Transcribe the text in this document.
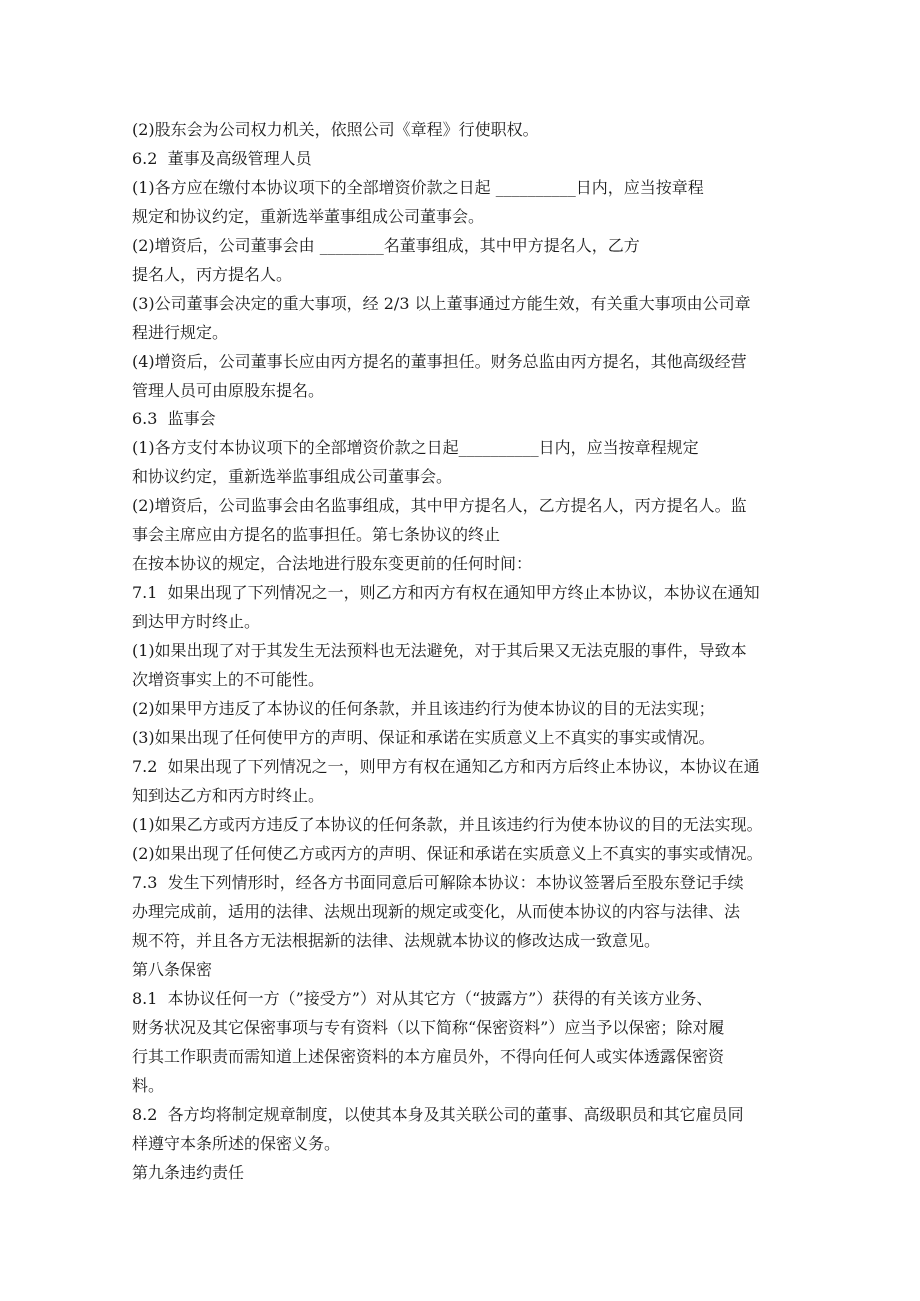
(2)股东会为公司权力机关，依照公司《章程》行使职权。
6.2  董事及高级管理人员
(1)各方应在缴付本协议项下的全部增资价款之日起 __________日内，应当按章程
规定和协议约定，重新选举董事组成公司董事会。
(2)增资后，公司董事会由 ________名董事组成，其中甲方提名人，乙方
提名人，丙方提名人。
(3)公司董事会决定的重大事项，经 2/3 以上董事通过方能生效，有关重大事项由公司章
程进行规定。
(4)增资后，公司董事长应由丙方提名的董事担任。财务总监由丙方提名，其他高级经营
管理人员可由原股东提名。
6.3  监事会
(1)各方支付本协议项下的全部增资价款之日起__________日内，应当按章程规定
和协议约定，重新选举监事组成公司董事会。
(2)增资后，公司监事会由名监事组成，其中甲方提名人，乙方提名人，丙方提名人。监
事会主席应由方提名的监事担任。第七条协议的终止
在按本协议的规定，合法地进行股东变更前的任何时间：
7.1  如果出现了下列情况之一，则乙方和丙方有权在通知甲方终止本协议，本协议在通知
到达甲方时终止。
(1)如果出现了对于其发生无法预料也无法避免，对于其后果又无法克服的事件，导致本
次增资事实上的不可能性。
(2)如果甲方违反了本协议的任何条款，并且该违约行为使本协议的目的无法实现；
(3)如果出现了任何使甲方的声明、保证和承诺在实质意义上不真实的事实或情况。
7.2  如果出现了下列情况之一，则甲方有权在通知乙方和丙方后终止本协议，本协议在通
知到达乙方和丙方时终止。
(1)如果乙方或丙方违反了本协议的任何条款，并且该违约行为使本协议的目的无法实现。
(2)如果出现了任何使乙方或丙方的声明、保证和承诺在实质意义上不真实的事实或情况。
7.3  发生下列情形时，经各方书面同意后可解除本协议：本协议签署后至股东登记手续
办理完成前，适用的法律、法规出现新的规定或变化，从而使本协议的内容与法律、法
规不符，并且各方无法根据新的法律、法规就本协议的修改达成一致意见。
第八条保密
8.1  本协议任何一方（”接受方”）对从其它方（“披露方”）获得的有关该方业务、
财务状况及其它保密事项与专有资料（以下简称“保密资料”）应当予以保密；除对履
行其工作职责而需知道上述保密资料的本方雇员外，不得向任何人或实体透露保密资
料。
8.2  各方均将制定规章制度，以使其本身及其关联公司的董事、高级职员和其它雇员同
样遵守本条所述的保密义务。
第九条违约责任
